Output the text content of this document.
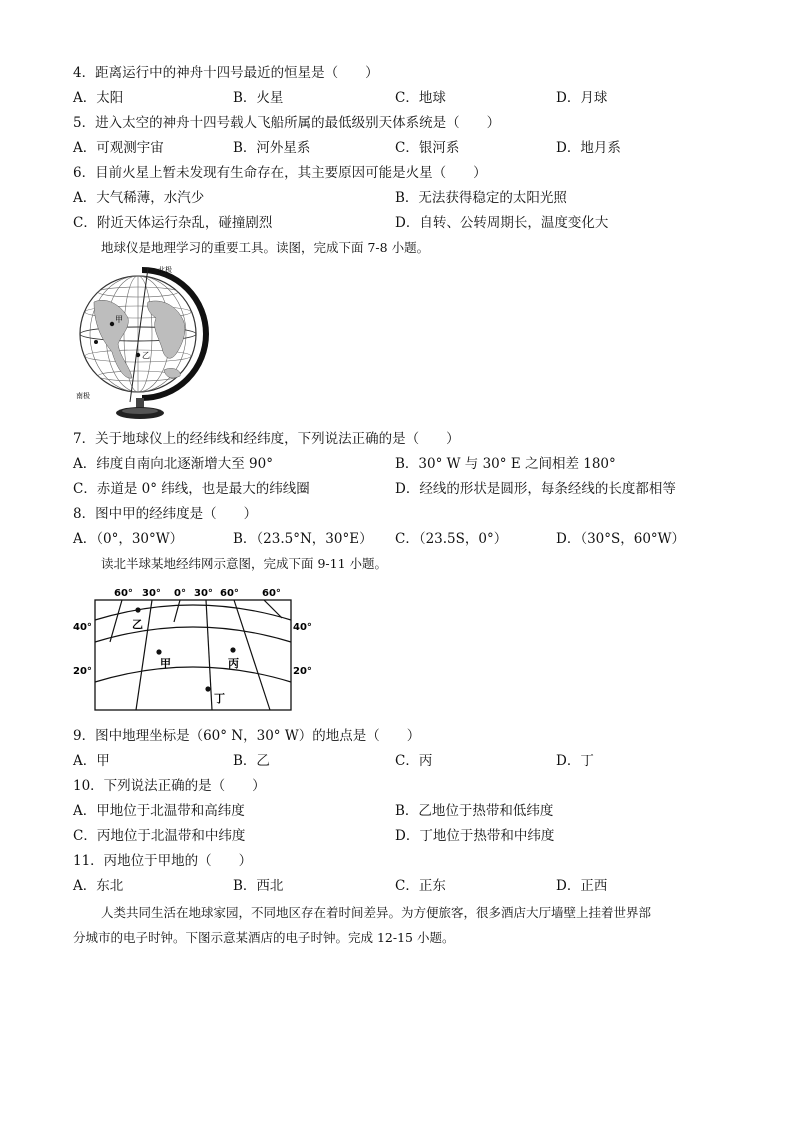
4．距离运行中的神舟十四号最近的恒星是（　　）
A．太阳	B．火星	C．地球	D．月球
5．进入太空的神舟十四号载人飞船所属的最低级别天体系统是（　　）
A．可观测宇宙	B．河外星系	C．银河系	D．地月系
6．目前火星上暂未发现有生命存在，其主要原因可能是火星（　　）
A．大气稀薄，水汽少	B．无法获得稳定的太阳光照
C．附近天体运行杂乱，碰撞剧烈	D．自转、公转周期长，温度变化大
地球仪是地理学习的重要工具。读图，完成下面 7-8 小题。
甲
乙
北极
南极
7．关于地球仪上的经纬线和经纬度，下列说法正确的是（　　）
A．纬度自南向北逐渐增大至 90°	B．30° W 与 30° E 之间相差 180°
C．赤道是 0° 纬线，也是最大的纬线圈	D．经线的形状是圆形，每条经线的长度都相等
8．图中甲的经纬度是（　　）
A．（0°，30°W）	B．（23.5°N，30°E） C．（23.5S，0°）	D．（30°S，60°W）
读北半球某地经纬网示意图，完成下面 9-11 小题。
60° 30° 0° 30° 60° 60°
40°
20°
40°
20°
乙
甲	丙
丁
9．图中地理坐标是（60° N，30° W）的地点是（　　）
A．甲	B．乙	C．丙	D．丁
10．下列说法正确的是（　　）
A．甲地位于北温带和高纬度	B．乙地位于热带和低纬度
C．丙地位于北温带和中纬度	D．丁地位于热带和中纬度
11．丙地位于甲地的（　　）
A．东北	B．西北	C．正东	D．正西
人类共同生活在地球家园，不同地区存在着时间差异。为方便旅客，很多酒店大厅墙壁上挂着世界部
分城市的电子时钟。下图示意某酒店的电子时钟。完成 12-15 小题。
